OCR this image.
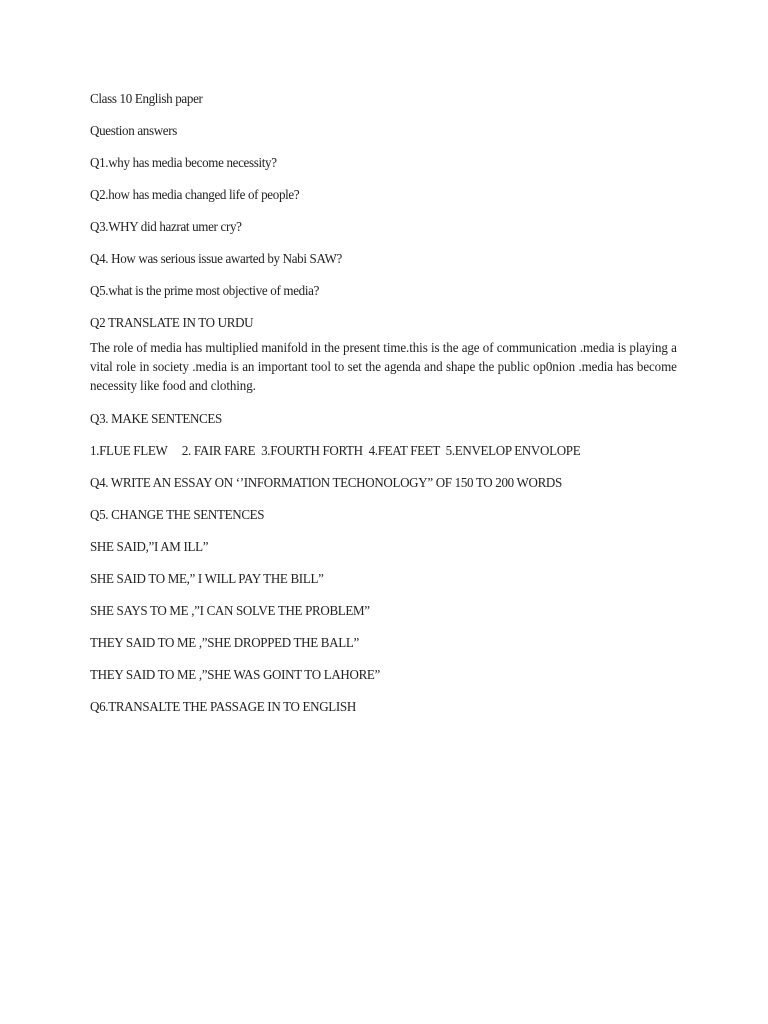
Class 10 English paper

Question answers

Q1.why has media become necessity?

Q2.how has media changed life of people?

Q3.WHY did hazrat umer cry?

Q4. How was serious issue awarted by Nabi SAW?

Q5.what is the prime most objective of media?

Q2 TRANSLATE IN TO URDU

The role of media has multiplied manifold in the present time.this is the age of communication .media is playing a vital role in society .media is an important tool to set the agenda and shape the public op0nion .media has become necessity like food and clothing.

Q3. MAKE SENTENCES

1.FLUE FLEW     2. FAIR FARE  3.FOURTH FORTH  4.FEAT FEET  5.ENVELOP ENVOLOPE

Q4. WRITE AN ESSAY ON ‘’INFORMATION TECHONOLOGY” OF 150 TO 200 WORDS

Q5. CHANGE THE SENTENCES

SHE SAID,”I AM ILL”

SHE SAID TO ME,” I WILL PAY THE BILL”

SHE SAYS TO ME ,”I CAN SOLVE THE PROBLEM”

THEY SAID TO ME ,”SHE DROPPED THE BALL”

THEY SAID TO ME ,”SHE WAS GOINT TO LAHORE”

Q6.TRANSALTE THE PASSAGE IN TO ENGLISH
